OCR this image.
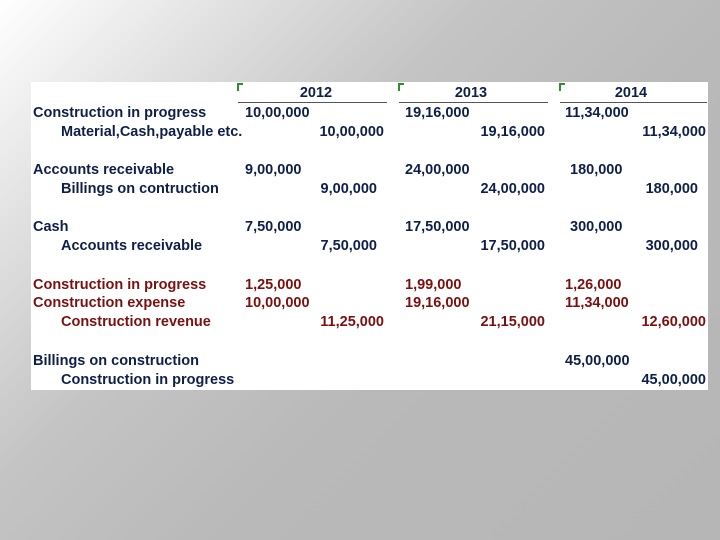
2012	2013	2014
Construction in progress
Material,Cash,payable etc.
10,00,000
10,00,000
19,16,000
19,16,000
11,34,000
11,34,000
Accounts receivable
Billings on contruction
9,00,000
9,00,000
24,00,000
24,00,000
180,000
180,000
Cash
Accounts receivable
7,50,000
7,50,000
17,50,000
17,50,000
300,000
300,000
Construction in progress
Construction expense
Construction revenue
1,25,000
10,00,000
11,25,000
1,99,000
19,16,000
21,15,000
1,26,000
11,34,000
12,60,000
Billings on construction
Construction in progress
45,00,000
45,00,000
